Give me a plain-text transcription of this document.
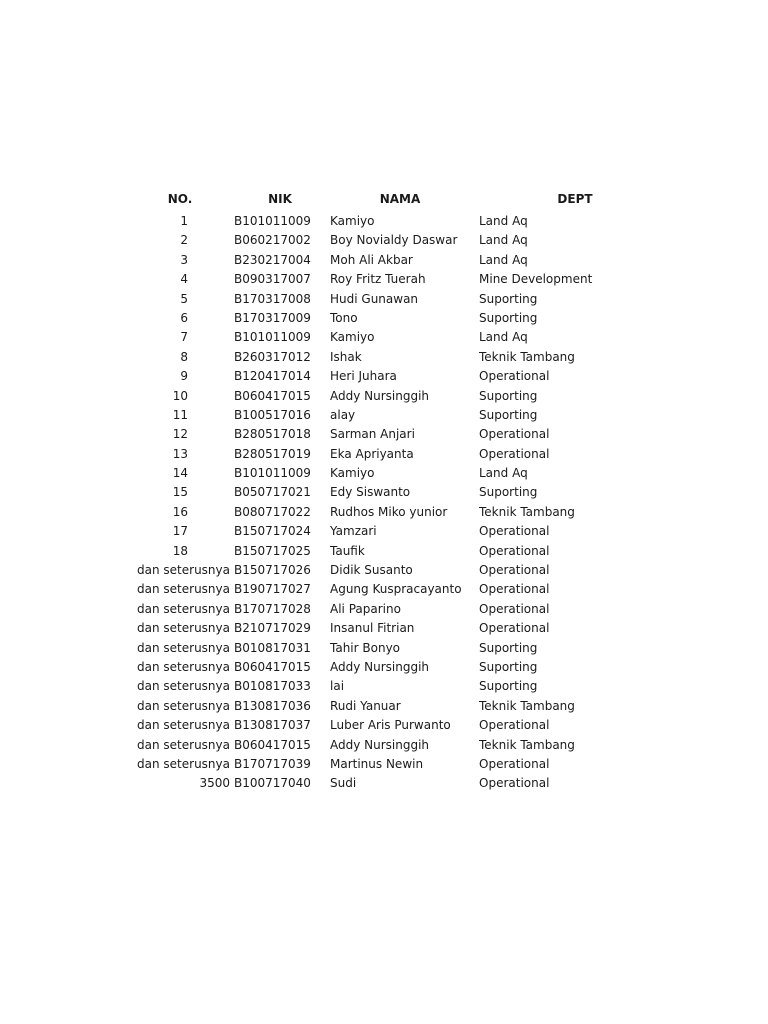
NO.	NIK	NAMA	DEPT
1	B101011009	Kamiyo	Land Aq
2	B060217002	Boy Novialdy Daswar	Land Aq
3	B230217004	Moh Ali Akbar	Land Aq
4	B090317007	Roy Fritz Tuerah	Mine Development
5	B170317008	Hudi Gunawan	Suporting
6	B170317009	Tono	Suporting
7	B101011009	Kamiyo	Land Aq
8	B260317012	Ishak	Teknik Tambang
9	B120417014	Heri Juhara	Operational
10	B060417015	Addy Nursinggih	Suporting
11	B100517016	alay	Suporting
12	B280517018	Sarman Anjari	Operational
13	B280517019	Eka Apriyanta	Operational
14	B101011009	Kamiyo	Land Aq
15	B050717021	Edy Siswanto	Suporting
16	B080717022	Rudhos Miko yunior	Teknik Tambang
17	B150717024	Yamzari	Operational
18	B150717025	Taufik	Operational
dan seterusnya B150717026	Didik Susanto	Operational
dan seterusnya B190717027	Agung Kuspracayanto	Operational
dan seterusnya B170717028	Ali Paparino	Operational
dan seterusnya B210717029	Insanul Fitrian	Operational
dan seterusnya B010817031	Tahir Bonyo	Suporting
dan seterusnya B060417015	Addy Nursinggih	Suporting
dan seterusnya B010817033	lai	Suporting
dan seterusnya B130817036	Rudi Yanuar	Teknik Tambang
dan seterusnya B130817037	Luber Aris Purwanto	Operational
dan seterusnya B060417015	Addy Nursinggih	Teknik Tambang
dan seterusnya B170717039	Martinus Newin	Operational
3500 B100717040	Sudi	Operational
